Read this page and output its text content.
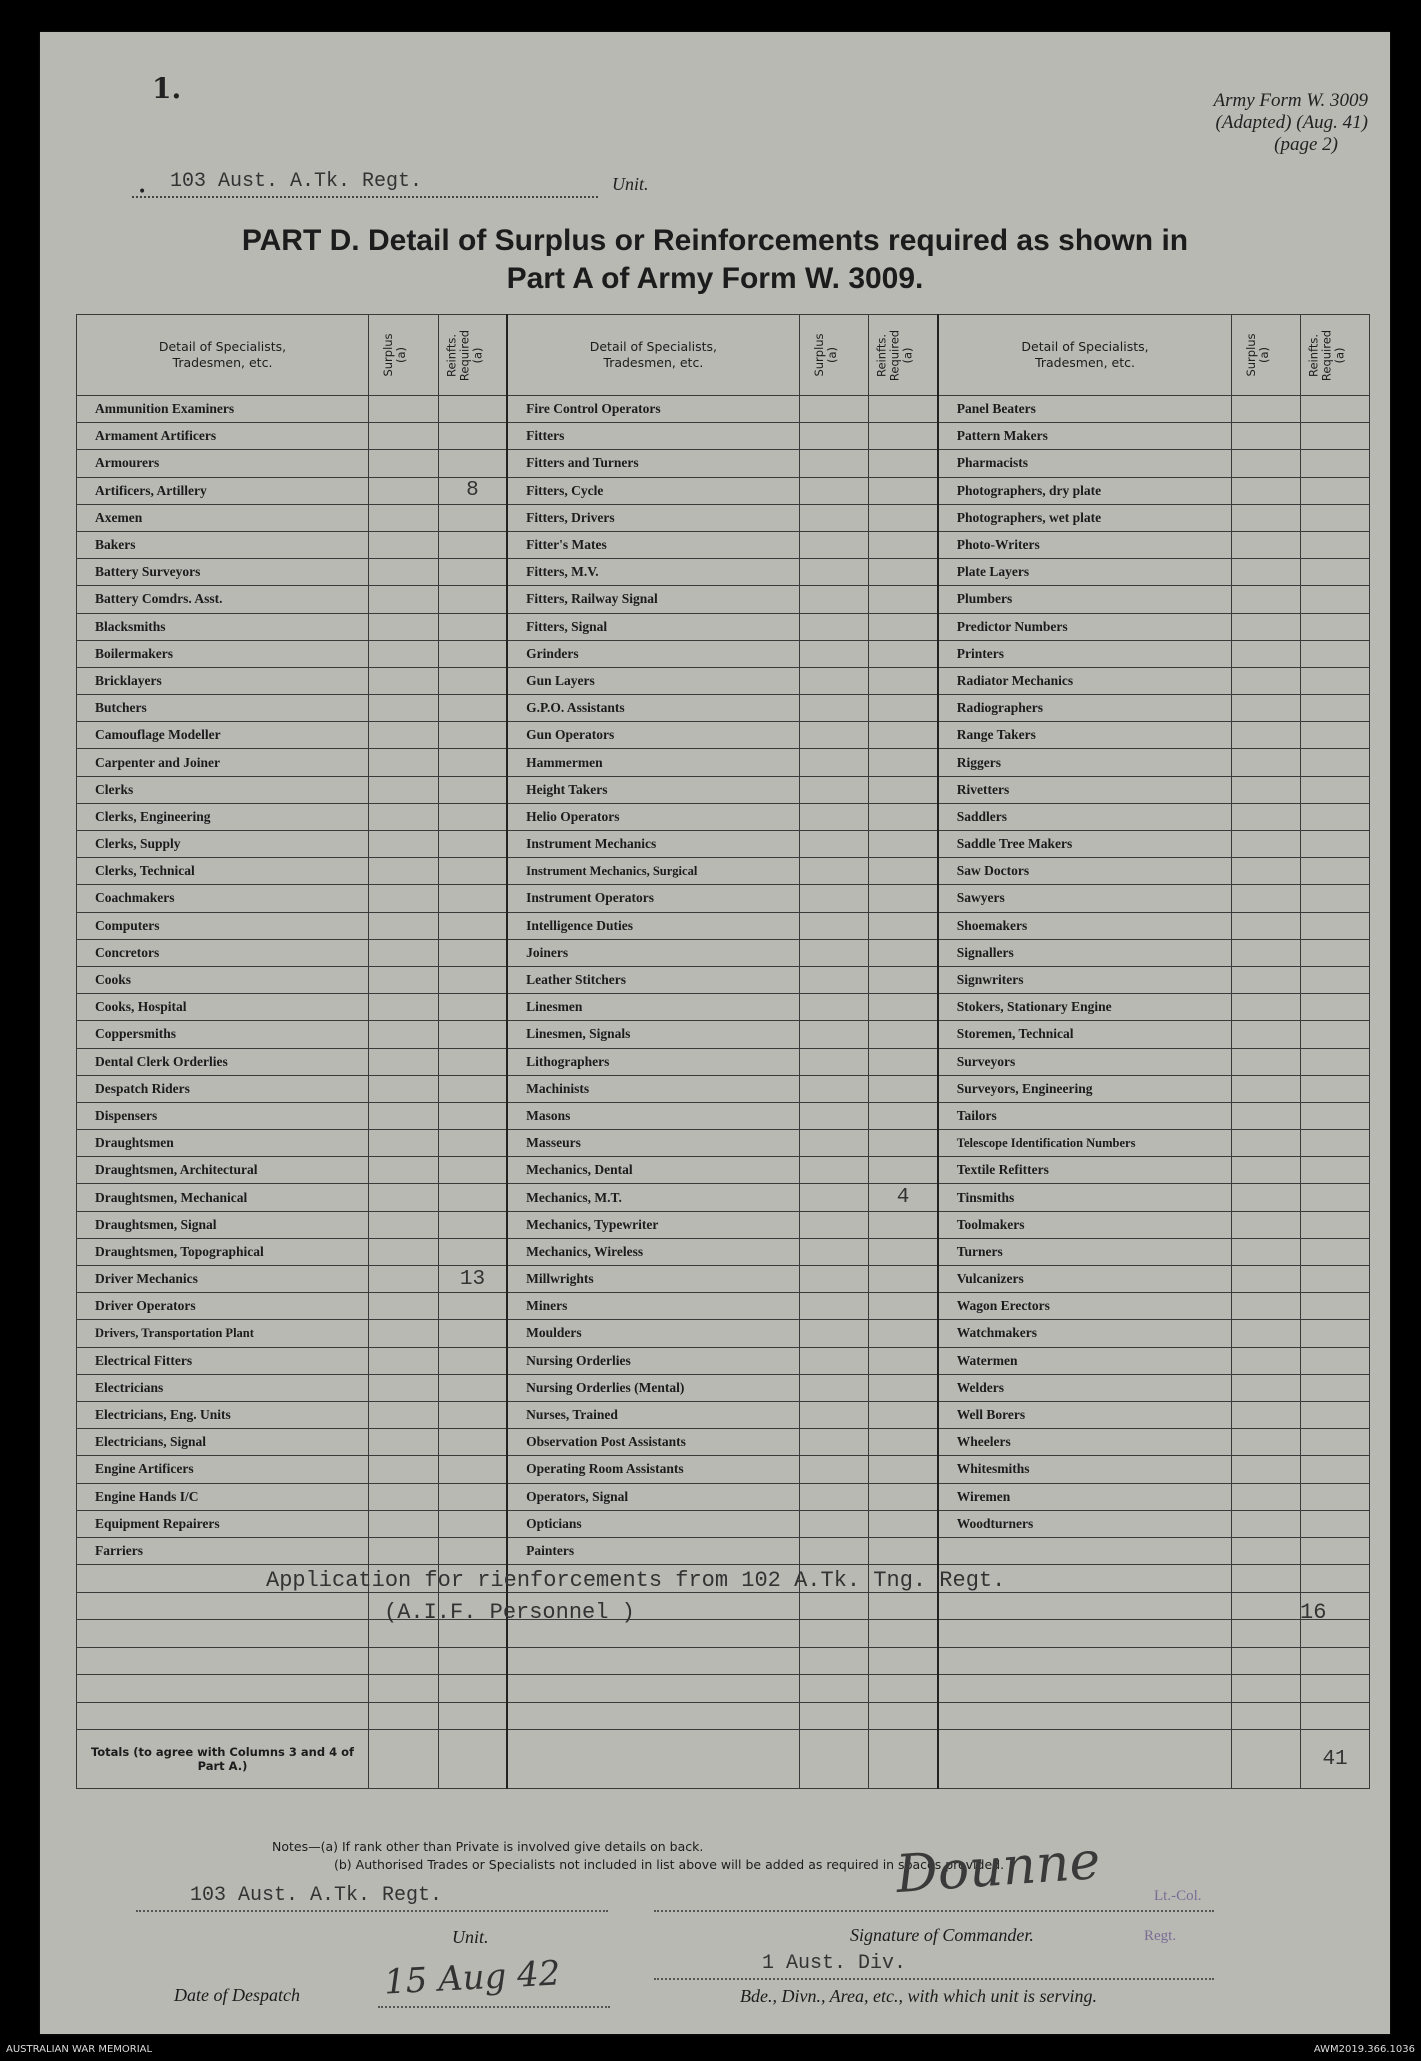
1.
•
Army Form W. 3009
(Adapted) (Aug. 41)
(page 2)
103 Aust. A.Tk. Regt.	Unit.
PART D. Detail of Surplus or Reinforcements required as shown in
Part A of Army Form W. 3009.
Detail of Specialists,
Tradesmen, etc.	Surplus
(a)	Reinfts.
Required
(a)	Detail of Specialists,
Tradesmen, etc.	Surplus
(a)	Reinfts.
Required
(a)	Detail of Specialists,
Tradesmen, etc.	Surplus
(a)	Reinfts.
Required
(a)

Ammunition Examiners			Fire Control Operators			Panel Beaters		
Armament Artificers			Fitters			Pattern Makers		
Armourers			Fitters and Turners			Pharmacists		
Artificers, Artillery		8	Fitters, Cycle			Photographers, dry plate		
Axemen			Fitters, Drivers			Photographers, wet plate		
Bakers			Fitter's Mates			Photo-Writers		
Battery Surveyors			Fitters, M.V.			Plate Layers		
Battery Comdrs. Asst.			Fitters, Railway Signal			Plumbers		
Blacksmiths			Fitters, Signal			Predictor Numbers		
Boilermakers			Grinders			Printers		
Bricklayers			Gun Layers			Radiator Mechanics		
Butchers			G.P.O. Assistants			Radiographers		
Camouflage Modeller			Gun Operators			Range Takers		
Carpenter and Joiner			Hammermen			Riggers		
Clerks			Height Takers			Rivetters		
Clerks, Engineering			Helio Operators			Saddlers		
Clerks, Supply			Instrument Mechanics			Saddle Tree Makers		
Clerks, Technical			Instrument Mechanics, Surgical			Saw Doctors		
Coachmakers			Instrument Operators			Sawyers		
Computers			Intelligence Duties			Shoemakers		
Concretors			Joiners			Signallers		
Cooks			Leather Stitchers			Signwriters		
Cooks, Hospital			Linesmen			Stokers, Stationary Engine		
Coppersmiths			Linesmen, Signals			Storemen, Technical		
Dental Clerk Orderlies			Lithographers			Surveyors		
Despatch Riders			Machinists			Surveyors, Engineering		
Dispensers			Masons			Tailors		
Draughtsmen			Masseurs			Telescope Identification Numbers		
Draughtsmen, Architectural			Mechanics, Dental			Textile Refitters		
Draughtsmen, Mechanical			Mechanics, M.T.		4	Tinsmiths		
Draughtsmen, Signal			Mechanics, Typewriter			Toolmakers		
Draughtsmen, Topographical			Mechanics, Wireless			Turners		
Driver Mechanics		13	Millwrights			Vulcanizers		
Driver Operators			Miners			Wagon Erectors		
Drivers, Transportation Plant			Moulders			Watchmakers		
Electrical Fitters			Nursing Orderlies			Watermen		
Electricians			Nursing Orderlies (Mental)			Welders		
Electricians, Eng. Units			Nurses, Trained			Well Borers		
Electricians, Signal			Observation Post Assistants			Wheelers		
Engine Artificers			Operating Room Assistants			Whitesmiths		
Engine Hands I/C			Operators, Signal			Wiremen		
Equipment Repairers			Opticians			Woodturners		
Farriers			Painters					

Totals (to agree with Columns 3 and 4 of Part A.)								41
Application for rienforcements from 102 A.Tk. Tng. Regt.
(A.I.F. Personnel )	16
Notes—(a) If rank other than Private is involved give details on back.
(b) Authorised Trades or Specialists not included in list above will be added as required in spaces provided.
103 Aust. A.Tk. Regt.
Unit.
Dounne	Lt.-Col.
Regt.
Signature of Commander.
Date of Despatch 15 Aug 42	1 Aust. Div.
Bde., Divn., Area, etc., with which unit is serving.
AUSTRALIAN WAR MEMORIAL	AWM2019.366.1036
